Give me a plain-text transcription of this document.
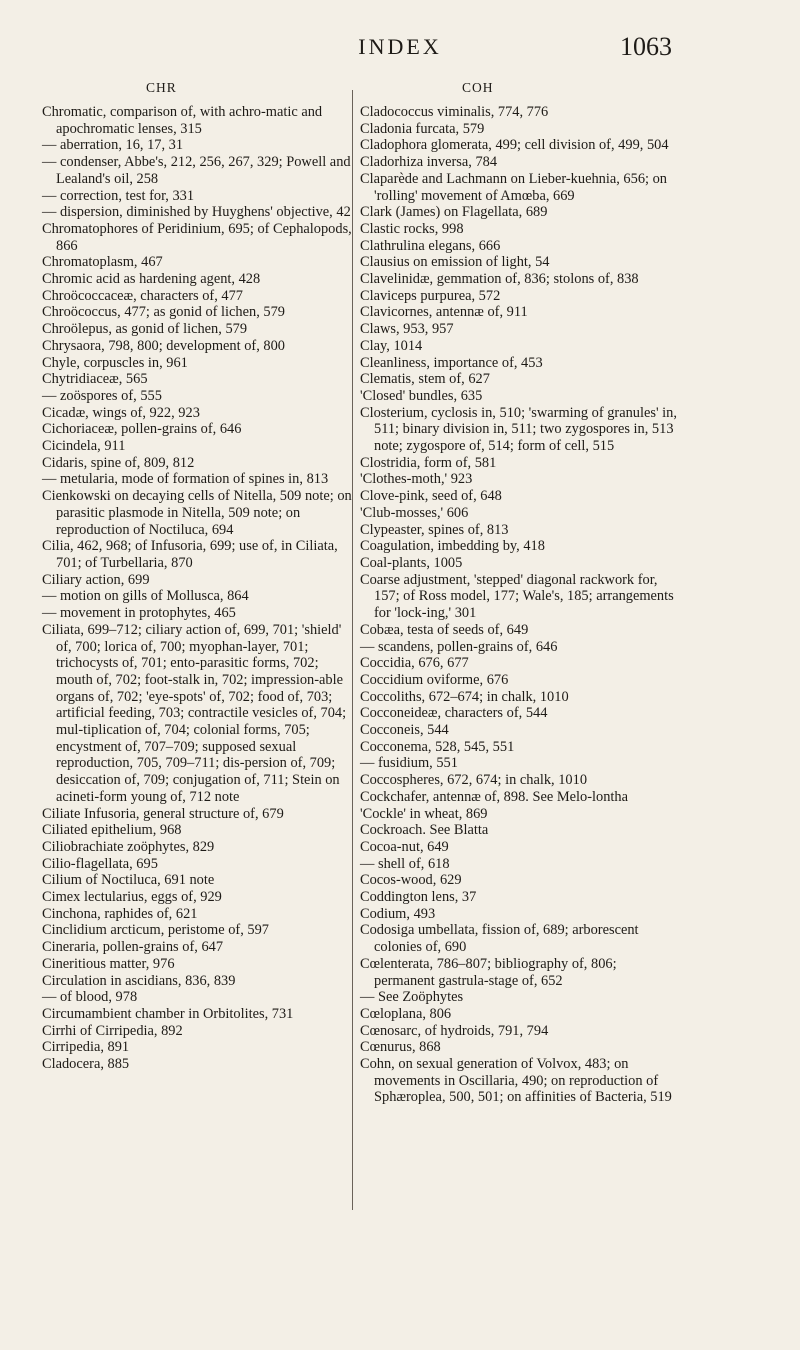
INDEX	1063
CHR	COH

Chromatic, comparison of, with achro-matic and apochromatic lenses, 315

— aberration, 16, 17, 31

— condenser, Abbe's, 212, 256, 267, 329; Powell and Lealand's oil, 258

— correction, test for, 331

— dispersion, diminished by Huyghens' objective, 42

Chromatophores of Peridinium, 695; of Cephalopods, 866

Chromatoplasm, 467

Chromic acid as hardening agent, 428

Chroöcoccaceæ, characters of, 477

Chroöcoccus, 477; as gonid of lichen, 579

Chroölepus, as gonid of lichen, 579

Chrysaora, 798, 800; development of, 800

Chyle, corpuscles in, 961

Chytridiaceæ, 565

— zoöspores of, 555

Cicadæ, wings of, 922, 923

Cichoriaceæ, pollen-grains of, 646

Cicindela, 911

Cidaris, spine of, 809, 812

— metularia, mode of formation of spines in, 813

Cienkowski on decaying cells of Nitella, 509 note; on parasitic plasmode in Nitella, 509 note; on reproduction of Noctiluca, 694

Cilia, 462, 968; of Infusoria, 699; use of, in Ciliata, 701; of Turbellaria, 870

Ciliary action, 699

— motion on gills of Mollusca, 864

— movement in protophytes, 465

Ciliata, 699–712; ciliary action of, 699, 701; 'shield' of, 700; lorica of, 700; myophan-layer, 701; trichocysts of, 701; ento-parasitic forms, 702; mouth of, 702; foot-stalk in, 702; impression-able organs of, 702; 'eye-spots' of, 702; food of, 703; artificial feeding, 703; contractile vesicles of, 704; mul-tiplication of, 704; colonial forms, 705; encystment of, 707–709; supposed sexual reproduction, 705, 709–711; dis-persion of, 709; desiccation of, 709; conjugation of, 711; Stein on acineti-form young of, 712 note

Ciliate Infusoria, general structure of, 679

Ciliated epithelium, 968

Ciliobrachiate zoöphytes, 829

Cilio-flagellata, 695

Cilium of Noctiluca, 691 note

Cimex lectularius, eggs of, 929

Cinchona, raphides of, 621

Cinclidium arcticum, peristome of, 597

Cineraria, pollen-grains of, 647

Cineritious matter, 976

Circulation in ascidians, 836, 839

— of blood, 978

Circumambient chamber in Orbitolites, 731

Cirrhi of Cirripedia, 892

Cirripedia, 891

Cladocera, 885

Cladococcus viminalis, 774, 776

Cladonia furcata, 579

Cladophora glomerata, 499; cell division of, 499, 504

Cladorhiza inversa, 784

Claparède and Lachmann on Lieber-kuehnia, 656; on 'rolling' movement of Amœba, 669

Clark (James) on Flagellata, 689

Clastic rocks, 998

Clathrulina elegans, 666

Clausius on emission of light, 54

Clavelinidæ, gemmation of, 836; stolons of, 838

Claviceps purpurea, 572

Clavicornes, antennæ of, 911

Claws, 953, 957

Clay, 1014

Cleanliness, importance of, 453

Clematis, stem of, 627

'Closed' bundles, 635

Closterium, cyclosis in, 510; 'swarming of granules' in, 511; binary division in, 511; two zygospores in, 513 note; zygospore of, 514; form of cell, 515

Clostridia, form of, 581

'Clothes-moth,' 923

Clove-pink, seed of, 648

'Club-mosses,' 606

Clypeaster, spines of, 813

Coagulation, imbedding by, 418

Coal-plants, 1005

Coarse adjustment, 'stepped' diagonal rackwork for, 157; of Ross model, 177; Wale's, 185; arrangements for 'lock-ing,' 301

Cobæa, testa of seeds of, 649

— scandens, pollen-grains of, 646

Coccidia, 676, 677

Coccidium oviforme, 676

Coccoliths, 672–674; in chalk, 1010

Cocconeideæ, characters of, 544

Cocconeis, 544

Cocconema, 528, 545, 551

— fusidium, 551

Coccospheres, 672, 674; in chalk, 1010

Cockchafer, antennæ of, 898. See Melo-lontha

'Cockle' in wheat, 869

Cockroach. See Blatta

Cocoa-nut, 649

— shell of, 618

Cocos-wood, 629

Coddington lens, 37

Codium, 493

Codosiga umbellata, fission of, 689; arborescent colonies of, 690

Cœlenterata, 786–807; bibliography of, 806; permanent gastrula-stage of, 652

— See Zoöphytes

Cœloplana, 806

Cœnosarc, of hydroids, 791, 794

Cœnurus, 868

Cohn, on sexual generation of Volvox, 483; on movements in Oscillaria, 490; on reproduction of Sphæroplea, 500, 501; on affinities of Bacteria, 519
